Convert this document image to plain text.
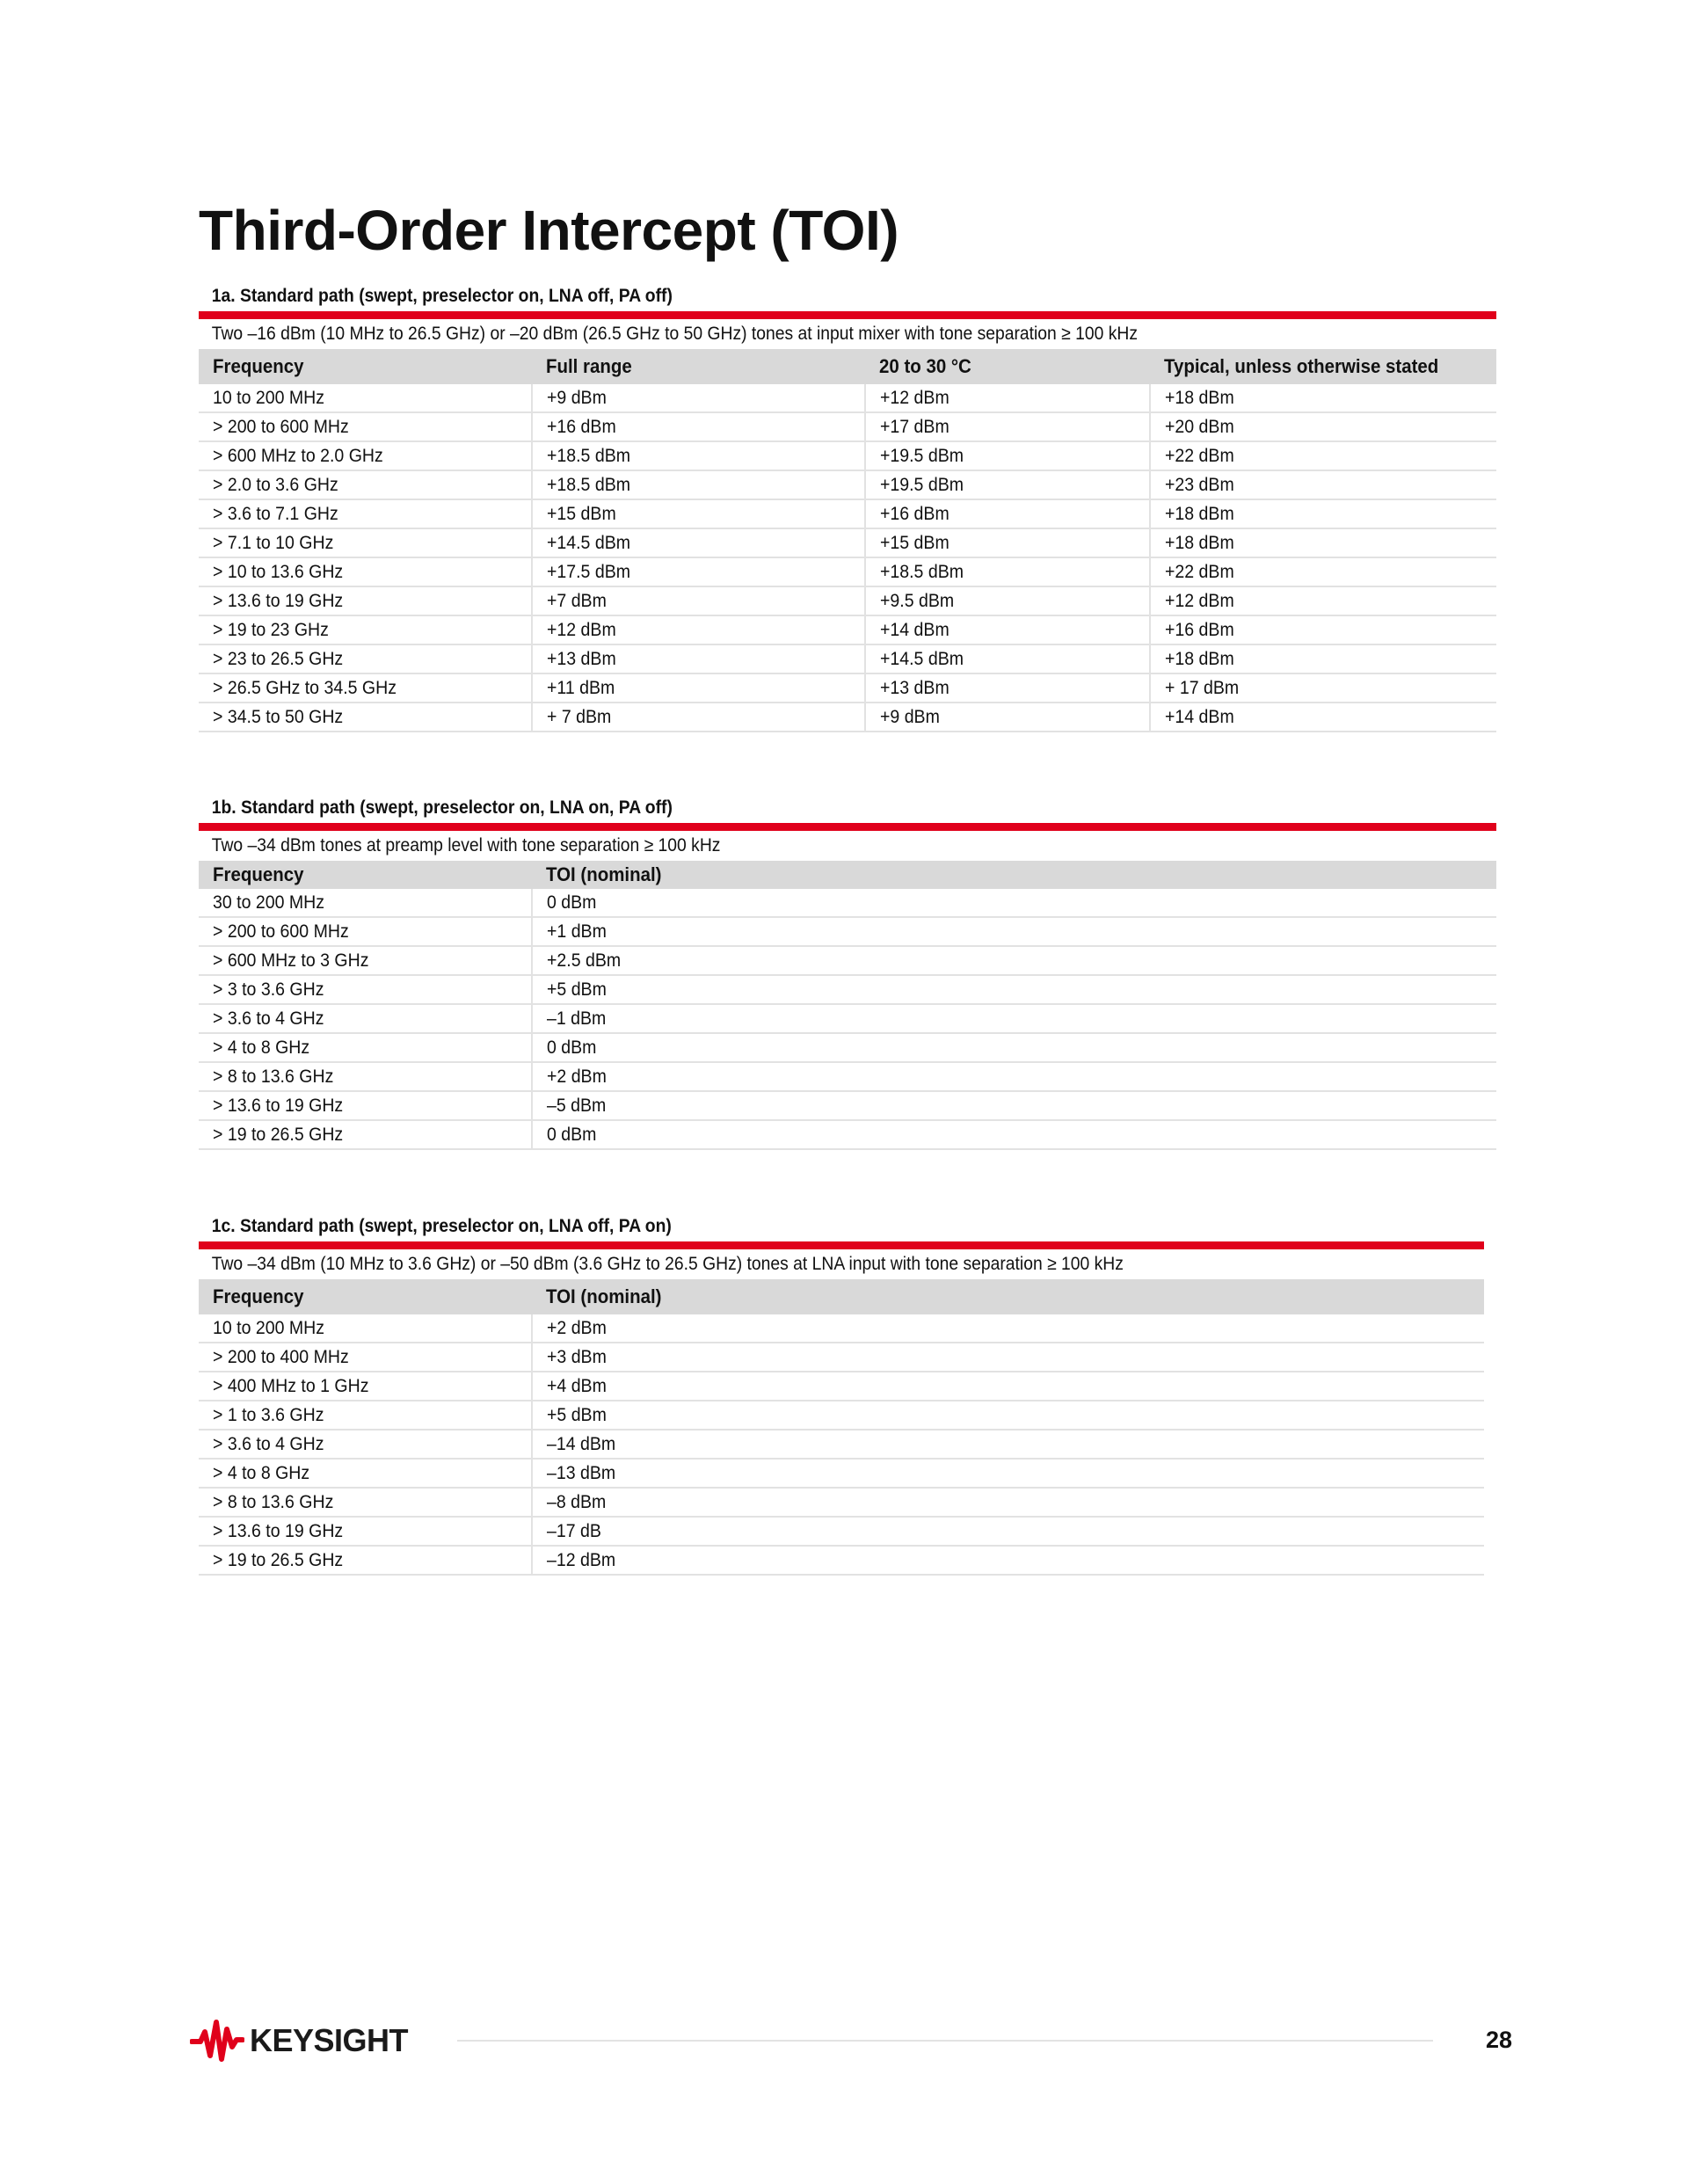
Third-Order Intercept (TOI)
1a. Standard path (swept, preselector on, LNA off, PA off)
Two –16 dBm (10 MHz to 26.5 GHz) or –20 dBm (26.5 GHz to 50 GHz) tones at input mixer with tone separation ≥ 100 kHz
Frequency	Full range	20 to 30 °C	Typical, unless otherwise stated
10 to 200 MHz	+9 dBm	+12 dBm	+18 dBm
> 200 to 600 MHz	+16 dBm	+17 dBm	+20 dBm
> 600 MHz to 2.0 GHz	+18.5 dBm	+19.5 dBm	+22 dBm
> 2.0 to 3.6 GHz	+18.5 dBm	+19.5 dBm	+23 dBm
> 3.6 to 7.1 GHz	+15 dBm	+16 dBm	+18 dBm
> 7.1 to 10 GHz	+14.5 dBm	+15 dBm	+18 dBm
> 10 to 13.6 GHz	+17.5 dBm	+18.5 dBm	+22 dBm
> 13.6 to 19 GHz	+7 dBm	+9.5 dBm	+12 dBm
> 19 to 23 GHz	+12 dBm	+14 dBm	+16 dBm
> 23 to 26.5 GHz	+13 dBm	+14.5 dBm	+18 dBm
> 26.5 GHz to 34.5 GHz	+11 dBm	+13 dBm	+ 17 dBm
> 34.5 to 50 GHz	+ 7 dBm	+9 dBm	+14 dBm
1b. Standard path (swept, preselector on, LNA on, PA off)
Two –34 dBm tones at preamp level with tone separation ≥ 100 kHz
Frequency	TOI (nominal)
30 to 200 MHz	0 dBm
> 200 to 600 MHz	+1 dBm
> 600 MHz to 3 GHz	+2.5 dBm
> 3 to 3.6 GHz	+5 dBm
> 3.6 to 4 GHz	–1 dBm
> 4 to 8 GHz	0 dBm
> 8 to 13.6 GHz	+2 dBm
> 13.6 to 19 GHz	–5 dBm
> 19 to 26.5 GHz	0 dBm
1c. Standard path (swept, preselector on, LNA off, PA on)
Two –34 dBm (10 MHz to 3.6 GHz) or –50 dBm (3.6 GHz to 26.5 GHz) tones at LNA input with tone separation ≥ 100 kHz
Frequency	TOI (nominal)
10 to 200 MHz	+2 dBm
> 200 to 400 MHz	+3 dBm
> 400 MHz to 1 GHz	+4 dBm
> 1 to 3.6 GHz	+5 dBm
> 3.6 to 4 GHz	–14 dBm
> 4 to 8 GHz	–13 dBm
> 8 to 13.6 GHz	–8 dBm
> 13.6 to 19 GHz	–17 dB
> 19 to 26.5 GHz	–12 dBm
KEYSIGHT	28
